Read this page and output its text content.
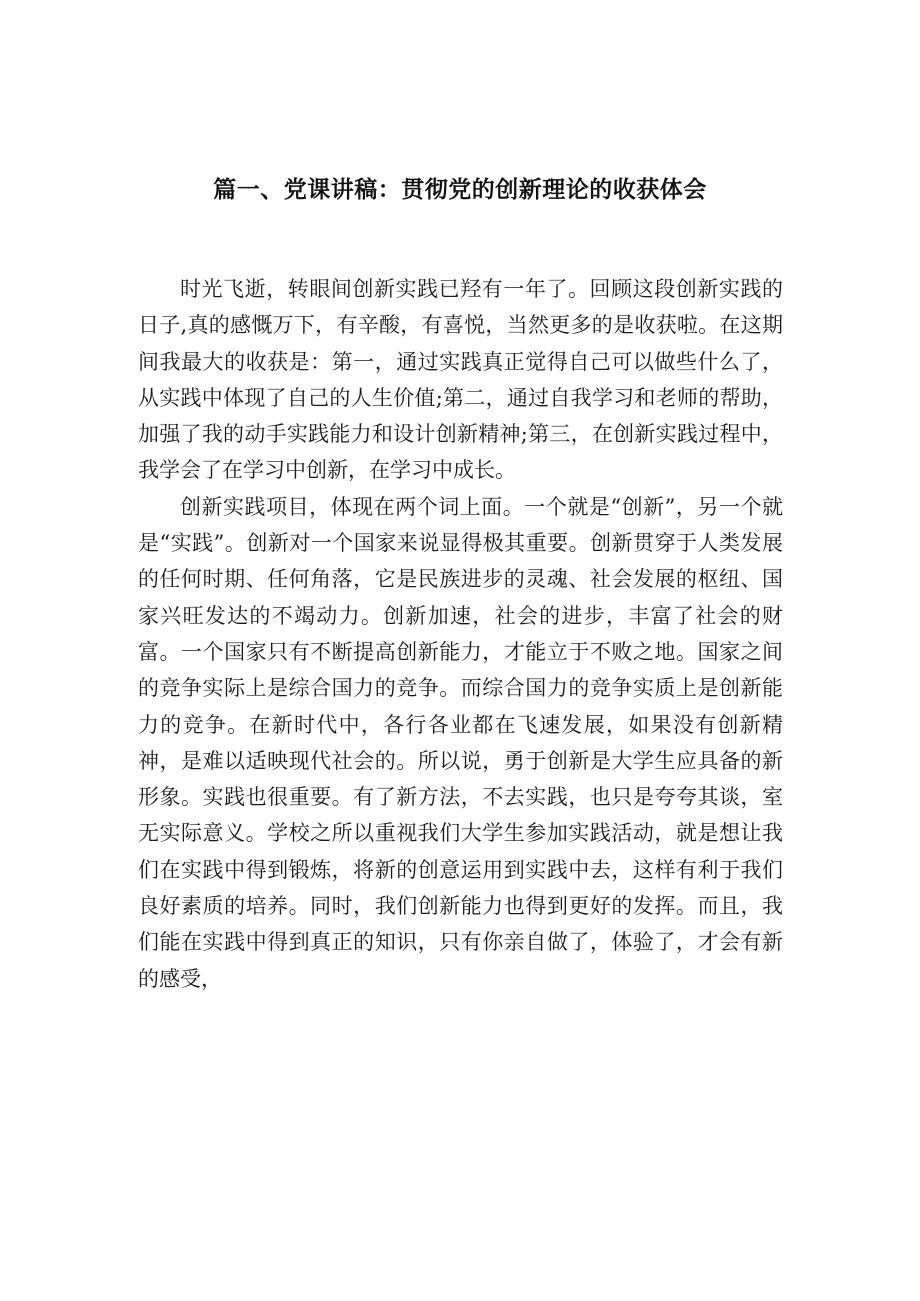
篇一、党课讲稿：贯彻党的创新理论的收获体会

时光飞逝，转眼间创新实践已羟有一年了。回顾这段创新实践的日子,真的感慨万下，有辛酸，有喜悦，当然更多的是收获啦。在这期间我最大的收获是：第一，通过实践真正觉得自己可以做些什么了，从实践中体现了自己的人生价值;第二，通过自我学习和老师的帮助，加强了我的动手实践能力和设计创新精神;第三，在创新实践过程中，我学会了在学习中创新，在学习中成长。

创新实践项目，体现在两个词上面。一个就是“创新”，另一个就是“实践”。创新对一个国家来说显得极其重要。创新贯穿于人类发展的任何时期、任何角落，它是民族进步的灵魂、社会发展的枢纽、国家兴旺发达的不竭动力。创新加速，社会的进步，丰富了社会的财富。一个国家只有不断提高创新能力，才能立于不败之地。国家之间的竞争实际上是综合国力的竞争。而综合国力的竞争实质上是创新能力的竞争。在新时代中，各行各业都在飞速发展，如果没有创新精神，是难以适映现代社会的。所以说，勇于创新是大学生应具备的新形象。实践也很重要。有了新方法，不去实践，也只是夸夸其谈，室无实际意义。学校之所以重视我们大学生参加实践活动，就是想让我们在实践中得到锻炼，将新的创意运用到实践中去，这样有利于我们良好素质的培养。同时，我们创新能力也得到更好的发挥。而且，我们能在实践中得到真正的知识，只有你亲自做了，体验了，才会有新的感受，
